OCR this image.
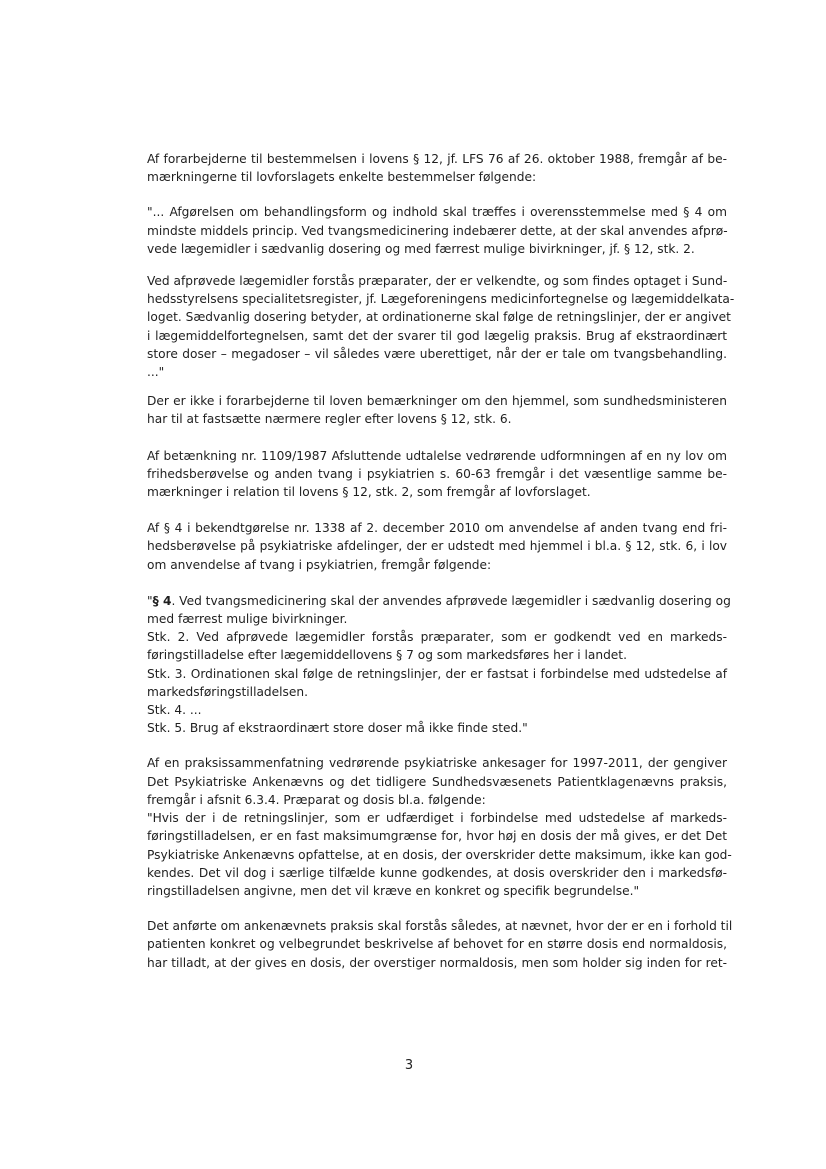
Af forarbejderne til bestemmelsen i lovens § 12, jf. LFS 76 af 26. oktober 1988, fremgår af be-
mærkningerne til lovforslagets enkelte bestemmelser følgende:
"... Afgørelsen om behandlingsform og indhold skal træffes i overensstemmelse med § 4 om
mindste middels princip. Ved tvangsmedicinering indebærer dette, at der skal anvendes afprø-
vede lægemidler i sædvanlig dosering og med færrest mulige bivirkninger, jf. § 12, stk. 2.
Ved afprøvede lægemidler forstås præparater, der er velkendte, og som findes optaget i Sund-
hedsstyrelsens specialitetsregister, jf. Lægeforeningens medicinfortegnelse og lægemiddelkata-
loget. Sædvanlig dosering betyder, at ordinationerne skal følge de retningslinjer, der er angivet
i lægemiddelfortegnelsen, samt det der svarer til god lægelig praksis. Brug af ekstraordinært
store doser – megadoser – vil således være uberettiget, når der er tale om tvangsbehandling.
..."
Der er ikke i forarbejderne til loven bemærkninger om den hjemmel, som sundhedsministeren
har til at fastsætte nærmere regler efter lovens § 12, stk. 6.
Af betænkning nr. 1109/1987 Afsluttende udtalelse vedrørende udformningen af en ny lov om
frihedsberøvelse og anden tvang i psykiatrien s. 60-63 fremgår i det væsentlige samme be-
mærkninger i relation til lovens § 12, stk. 2, som fremgår af lovforslaget.
Af § 4 i bekendtgørelse nr. 1338 af 2. december 2010 om anvendelse af anden tvang end fri-
hedsberøvelse på psykiatriske afdelinger, der er udstedt med hjemmel i bl.a. § 12, stk. 6, i lov
om anvendelse af tvang i psykiatrien, fremgår følgende:
"§ 4. Ved tvangsmedicinering skal der anvendes afprøvede lægemidler i sædvanlig dosering og
med færrest mulige bivirkninger.
Stk. 2. Ved afprøvede lægemidler forstås præparater, som er godkendt ved en markeds-
føringstilladelse efter lægemiddellovens § 7 og som markedsføres her i landet.
Stk. 3. Ordinationen skal følge de retningslinjer, der er fastsat i forbindelse med udstedelse af
markedsføringstilladelsen.
Stk. 4. ...
Stk. 5. Brug af ekstraordinært store doser må ikke finde sted."
Af en praksissammenfatning vedrørende psykiatriske ankesager for 1997-2011, der gengiver
Det Psykiatriske Ankenævns og det tidligere Sundhedsvæsenets Patientklagenævns praksis,
fremgår i afsnit 6.3.4. Præparat og dosis bl.a. følgende:
"Hvis der i de retningslinjer, som er udfærdiget i forbindelse med udstedelse af markeds-
føringstilladelsen, er en fast maksimumgrænse for, hvor høj en dosis der må gives, er det Det
Psykiatriske Ankenævns opfattelse, at en dosis, der overskrider dette maksimum, ikke kan god-
kendes. Det vil dog i særlige tilfælde kunne godkendes, at dosis overskrider den i markedsfø-
ringstilladelsen angivne, men det vil kræve en konkret og specifik begrundelse."
Det anførte om ankenævnets praksis skal forstås således, at nævnet, hvor der er en i forhold til
patienten konkret og velbegrundet beskrivelse af behovet for en større dosis end normaldosis,
har tilladt, at der gives en dosis, der overstiger normaldosis, men som holder sig inden for ret-
3
